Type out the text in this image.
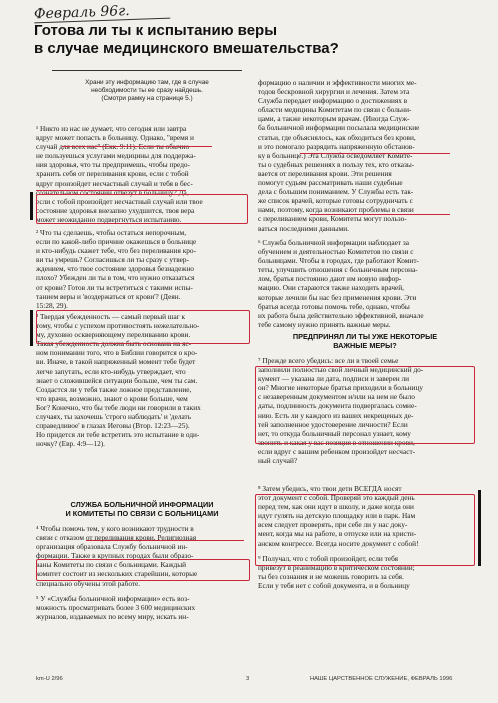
Февраль 96г.
Готова ли ты к испытанию веры
в случае медицинского вмешательства?
Храни эту информацию там, где в случае
необходимости ты ее сразу найдешь.
(Смотри рамку на странице 5.)
¹ Никто из нас не думает, что сегодня или завтра
вдруг может попасть в больницу. Однако, "время и
случай для всех нас" (Екк. 9:11). Если ты обычно
не пользуешься услугами медицины для поддержа-
ния здоровья, что ты предпримешь, чтобы предо-
хранить себя от переливания крови, если с тобой
вдруг произойдет несчастный случай и тебя в бес-
сознательном состоянии отвезут в больницу? Да,
если с тобой произойдет несчастный случай или твое
состояние здоровья внезапно ухудшится, твоя вера
может неожиданно подвергнуться испытанию.
² Что ты сделаешь, чтобы остаться непорочным,
если по какой-либо причине окажешься в больнице
и кто-нибудь скажет тебе, что без переливания кро-
ви ты умрешь? Согласишься ли ты сразу с утвер-
ждением, что твое состояние здоровья безнадежно
плохо? Убежден ли ты в том, что нужно отказаться
от крови? Готов ли ты встретиться с такими испы-
танием веры и 'воздержаться от крови'? (Деян.
15:28, 29).
³ Твердая убежденность — самый первый шаг к
тому, чтобы с успехом противостоять нежелательно-
му, духовно оскверняющему переливанию крови.
Такая убежденность должна быть основана на яс-
ном понимании того, что в Библии говорится о кро-
ви. Иначе, в такой напряженный момент тебе будет
легче запутать, если кто-нибудь утверждает, что
знает о сложившейся ситуации больше, чем ты сам.
Создастся ли у тебя также ложное представление,
что врачи, возможно, знают о крови больше, чем
Бог? Конечно, что бы тебе люди ни говорили в таких
случаях, ты захочешь 'строго наблюдать' и 'делать
справедливое' в глазах Иеговы (Втор. 12:23—25).
Но придется ли тебе встретить это испытание в оди-
ночку? (Евр. 4:9—12).
СЛУЖБА БОЛЬНИЧНОЙ ИНФОРМАЦИИ
И КОМИТЕТЫ ПО СВЯЗИ С БОЛЬНИЦАМИ
⁴ Чтобы помочь тем, у кого возникают трудности в
связи с отказом от переливания крови, Религиозная
организация образовала Службу больничной ин-
формации. Также в крупных городах были образо-
ваны Комитеты по связи с больницами. Каждый
комитет состоит из нескольких старейшин, которые
специально обучены этой работе.
⁵ У «Службы больничной информации» есть воз-
можность просматривать более 3 600 медицинских
журналов, издаваемых по всему миру, искать ин-
формацию о наличии и эффективности многих ме-
тодов бескровной хирургии и лечения. Затем эта
Служба передает информацию о достижениях в
области медицины Комитетам по связи с больни-
цами, а также некоторым врачам. (Иногда Служ-
ба больничной информации посылала медицинские
статьи, где объяснялось, как обходиться без крови,
и это помогало разрядить напряженную обстанов-
ку в больнице.) Эта Служба осведомляет Комите-
ты о судебных решениях в пользу тех, кто отказы-
вается от переливания крови. Эти решения
помогут судьям рассматривать наши судебные
дела с большим пониманием. У Службы есть так-
же список врачей, которые готовы сотрудничать с
нами, поэтому, когда возникают проблемы в связи
с переливанием крови, Комитеты могут пользо-
ваться последними данными.
⁶ Служба больничной информации наблюдает за
обучением и деятельностью Комитетов по связи с
больницами. Чтобы в городах, где работают Комит-
теты, улучшить отношения с больничным персона-
лом, братья постоянно дают им новую инфор-
мацию. Они стараются также находить врачей,
которые лечили бы нас без применения крови. Эти
братья всегда готовы помочь тебе, однако, чтобы
их работа была действительно эффективной, вначале
тебе самому нужно принять важные меры.
ПРЕДПРИНЯЛ ЛИ ТЫ УЖЕ НЕКОТОРЫЕ
ВАЖНЫЕ МЕРЫ?
⁷ Прежде всего убедись: все ли в твоей семье
заполнили полностью свой личный медицинский до-
кумент — указана ли дата, подписи и заверен ли
он? Многие некоторые братья приходили в больницу
с незаверенным документом и/или на нем не было
даты, подлинность документа подвергалась сомне-
нию. Есть ли у каждого из ваших некрещеных де-
тей заполненное удостоверение личности? Если
нет, то откуда больничный персонал узнает, кому
звонить и какая у вас позиция в отношении крови,
если вдруг с вашим ребенком произойдет несчаст-
ный случай?
⁸ Затем убедись, что твои дети ВСЕГДА носят
этот документ с собой. Проверяй это каждый день
перед тем, как они идут в школу, и даже когда они
идут гулять на детскую площадку или в парк. Нам
всем следует проверять, при себе ли у нас доку-
мент, когда мы на работе, в отпуске или на христи-
анском конгрессе. Всегда носите документ с собой!
⁹ Получал, что с тобой произойдет, если тебя
привезут в реанимацию в критическом состоянии;
ты без сознания и не можешь говорить за себя.
Если у тебя нет с собой документа, и в больницу
km-U 2/96	3	НАШЕ ЦАРСТВЕННОЕ СЛУЖЕНИЕ, ФЕВРАЛЬ 1996
